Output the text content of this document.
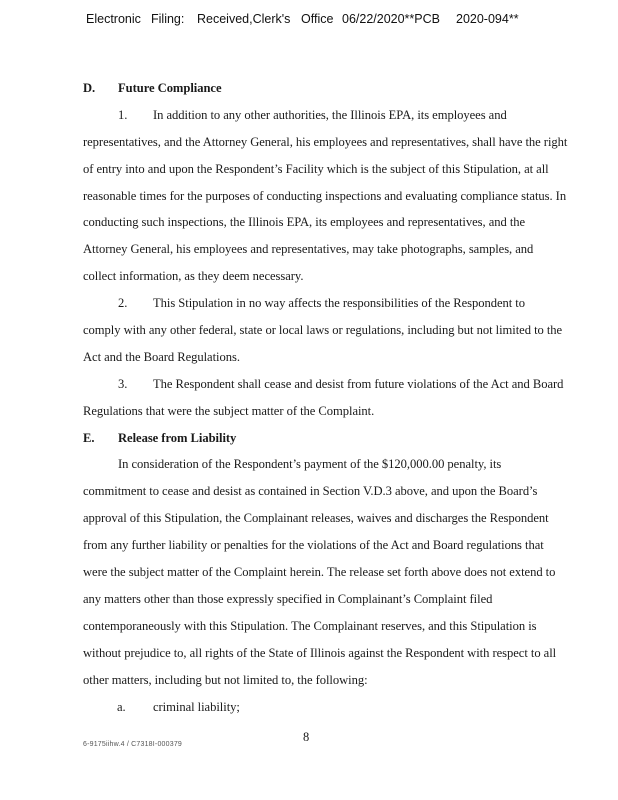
Electronic Filing: Received,Clerk's Office 06/22/2020**PCB 2020-094**
D. Future Compliance
1. In addition to any other authorities, the Illinois EPA, its employees and
representatives, and the Attorney General, his employees and representatives, shall have the right
of entry into and upon the Respondent’s Facility which is the subject of this Stipulation, at all
reasonable times for the purposes of conducting inspections and evaluating compliance status. In
conducting such inspections, the Illinois EPA, its employees and representatives, and the
Attorney General, his employees and representatives, may take photographs, samples, and
collect information, as they deem necessary.
2. This Stipulation in no way affects the responsibilities of the Respondent to
comply with any other federal, state or local laws or regulations, including but not limited to the
Act and the Board Regulations.
3. The Respondent shall cease and desist from future violations of the Act and Board
Regulations that were the subject matter of the Complaint.
E. Release from Liability
In consideration of the Respondent’s payment of the $120,000.00 penalty, its
commitment to cease and desist as contained in Section V.D.3 above, and upon the Board’s
approval of this Stipulation, the Complainant releases, waives and discharges the Respondent
from any further liability or penalties for the violations of the Act and Board regulations that
were the subject matter of the Complaint herein. The release set forth above does not extend to
any matters other than those expressly specified in Complainant’s Complaint filed
contemporaneously with this Stipulation. The Complainant reserves, and this Stipulation is
without prejudice to, all rights of the State of Illinois against the Respondent with respect to all
other matters, including but not limited to, the following:
a. criminal liability;
8
6-9175iihw.4 / C7318I-000379
